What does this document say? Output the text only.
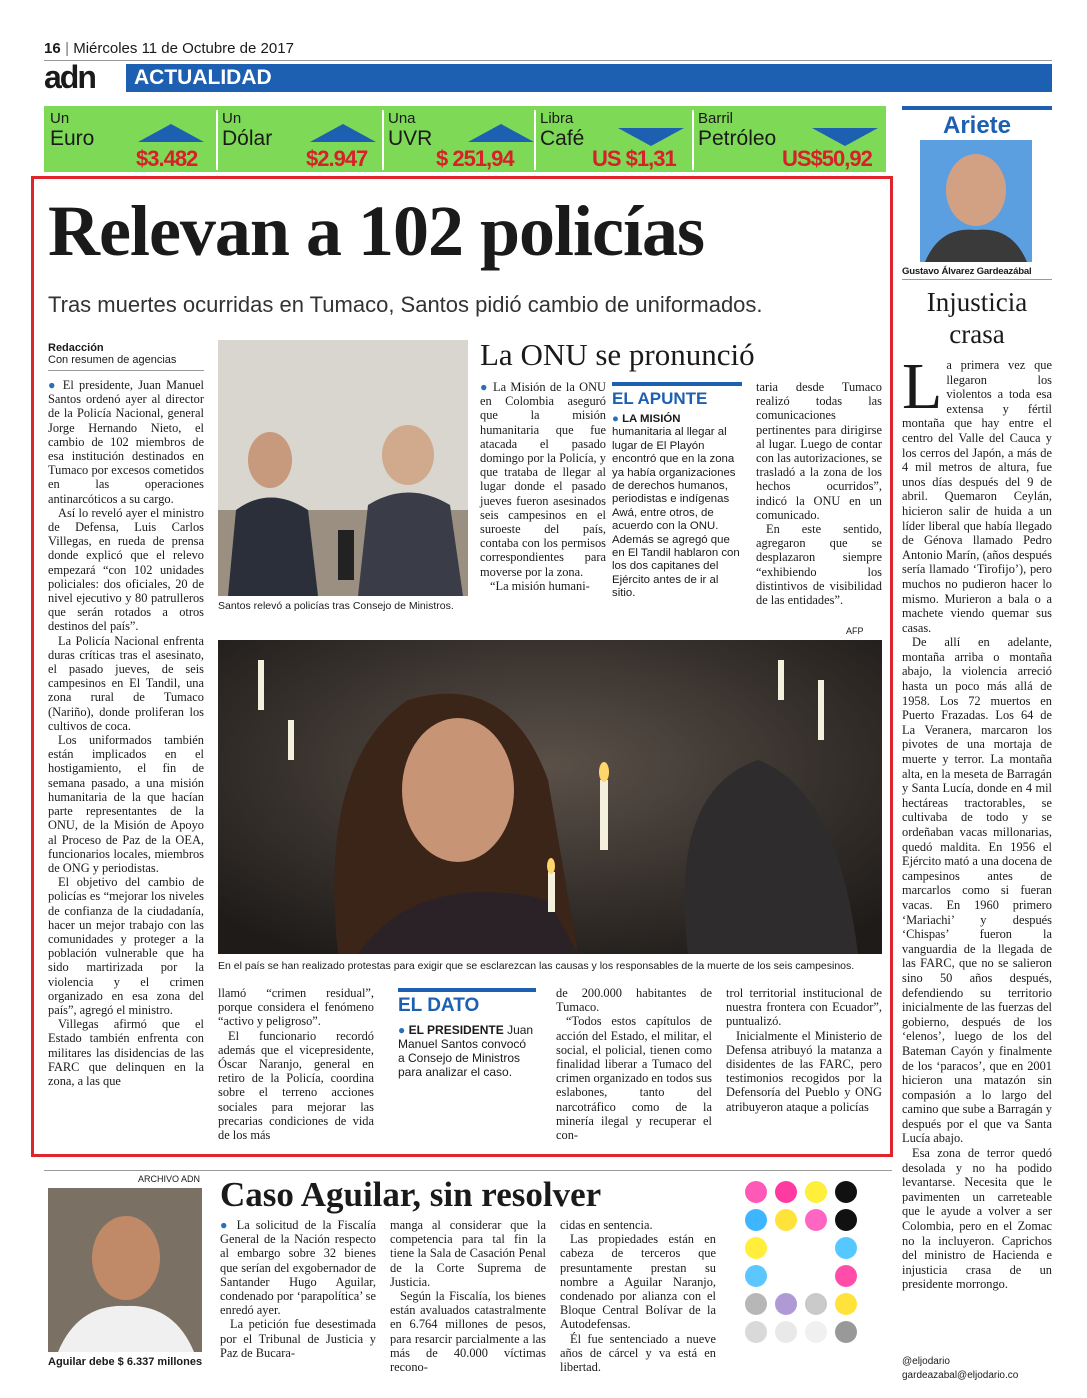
16 | Miércoles 11 de Octubre de 2017
adn	ACTUALIDAD
Un
Euro
$3.482
Un
Dólar
$2.947
Una
UVR
$ 251,94
Libra
Café
US $1,31
Barril
Petróleo
US$50,92
Relevan a 102 policías
Tras muertes ocurridas en Tumaco, Santos pidió cambio de uniformados.
Redacción
Con resumen de agencias

● El presidente, Juan Manuel Santos ordenó ayer al director de la Policía Nacional, general Jorge Hernando Nieto, el cambio de 102 miembros de esa institución destinados en Tumaco por excesos cometidos en las operaciones antinarcóticos a su cargo.

Así lo reveló ayer el ministro de Defensa, Luis Carlos Villegas, en rueda de prensa donde explicó que el relevo empezará “con 102 unidades policiales: dos oficiales, 20 de nivel ejecutivo y 80 patrulleros que serán rotados a otros destinos del país”.

La Policía Nacional enfrenta duras críticas tras el asesinato, el pasado jueves, de seis campesinos en El Tandil, una zona rural de Tumaco (Nariño), donde proliferan los cultivos de coca.

Los uniformados también están implicados en el hostigamiento, el fin de semana pasado, a una misión humanitaria de la que hacían parte representantes de la ONU, de la Misión de Apoyo al Proceso de Paz de la OEA, funcionarios locales, miembros de ONG y periodistas.

El objetivo del cambio de policías es “mejorar los niveles de confianza de la ciudadanía, hacer un mejor trabajo con las comunidades y proteger a la población vulnerable que ha sido martirizada por la violencia y el crimen organizado en esa zona del país”, agregó el ministro.

Villegas afirmó que el Estado también enfrenta con militares las disidencias de las FARC que delinquen en la zona, a las que

Santos relevó a policías tras Consejo de Ministros.
La ONU se pronunció

● La Misión de la ONU en Colombia aseguró que la misión humanitaria que fue atacada el pasado domingo por la Policía, y que trataba de llegar al lugar donde el pasado jueves fueron asesinados seis campesinos en el suroeste del país, contaba con los permisos correspondientes para moverse por la zona.

“La misión humani-

EL APUNTE
● LA MISIÓN humanitaria al llegar al lugar de El Playón encontró que en la zona ya había organizaciones de derechos humanos, periodistas e indígenas Awá, entre otros, de acuerdo con la ONU. Además se agregó que en El Tandil hablaron con los dos capitanes del Ejército antes de ir al sitio.

taria desde Tumaco realizó todas las comunicaciones pertinentes para dirigirse al lugar. Luego de contar con las autorizaciones, se trasladó a la zona de los hechos ocurridos”, indicó la ONU en un comunicado.

En este sentido, agregaron que se desplazaron siempre “exhibiendo los distintivos de visibilidad de las entidades”.

AFP
En el país se han realizado protestas para exigir que se esclarezcan las causas y los responsables de la muerte de los seis campesinos.

llamó “crimen residual”, porque considera el fenómeno “activo y peligroso”.

El funcionario recordó además que el vicepresidente, Óscar Naranjo, general en retiro de la Policía, coordina sobre el terreno acciones sociales para mejorar las precarias condiciones de vida de los más

EL DATO
● EL PRESIDENTE Juan Manuel Santos convocó a Consejo de Ministros para analizar el caso.

de 200.000 habitantes de Tumaco.

“Todos estos capítulos de acción del Estado, el militar, el social, el policial, tienen como finalidad liberar a Tumaco del crimen organizado en todos sus eslabones, tanto del narcotráfico como de la minería ilegal y recuperar el con-

trol territorial institucional de nuestra frontera con Ecuador”, puntualizó.

Inicialmente el Ministerio de Defensa atribuyó la matanza a disidentes de las FARC, pero testimonios recogidos por la Defensoría del Pueblo y ONG atribuyeron ataque a policías

Ariete
Gustavo Álvarez Gardeazábal
Injusticia crasa
L a primera vez que llegaron los violentos a toda esa extensa y fértil montaña que hay entre el centro del Valle del Cauca y los cerros del Japón, a más de 4 mil metros de altura, fue unos días después del 9 de abril. Quemaron Ceylán, hicieron salir de huida a un líder liberal que había llegado de Génova llamado Pedro Antonio Marín, (años después sería llamado ‘Tirofijo’), pero muchos no pudieron hacer lo mismo. Murieron a bala o a machete viendo quemar sus casas.
De allí en adelante, montaña arriba o montaña abajo, la violencia arreció hasta un poco más allá de 1958. Los 72 muertos en Puerto Frazadas. Los 64 de La Veranera, marcaron los pivotes de una mortaja de muerte y terror. La montaña alta, en la meseta de Barragán y Santa Lucía, donde en 4 mil hectáreas tractorables, se cultivaba de todo y se ordeñaban vacas millonarias, quedó maldita. En 1956 el Ejército mató a una docena de campesinos antes de marcarlos como si fueran vacas. En 1960 primero ‘Mariachi’ y después ‘Chispas’ fueron la vanguardia de la llegada de las FARC, que no se salieron sino 50 años después, defendiendo su territorio inicialmente de las fuerzas del gobierno, después de los ‘elenos’, luego de los del Bateman Cayón y finalmente de los ‘paracos’, que en 2001 hicieron una matazón sin compasión a lo largo del camino que sube a Barragán y después por el que va Santa Lucía abajo.
Esa zona de terror quedó desolada y no ha podido levantarse. Necesita que le pavimenten un carreteable que le ayude a volver a ser Colombia, pero en el Zomac no la incluyeron. Caprichos del ministro de Hacienda e injusticia crasa de un presidente morrongo.
@eljodario
gardeazabal@eljodario.co
ARCHIVO ADN
Aguilar debe $ 6.337 millones
Caso Aguilar, sin resolver

● La solicitud de la Fiscalía General de la Nación respecto al embargo sobre 32 bienes que serían del exgobernador de Santander Hugo Aguilar, condenado por ‘parapolítica’ se enredó ayer.

La petición fue desestimada por el Tribunal de Justicia y Paz de Bucara-

manga al considerar que la competencia para tal fin la tiene la Sala de Casación Penal de la Corte Suprema de Justicia.

Según la Fiscalía, los bienes están avaluados catastralmente en 6.764 millones de pesos, para resarcir parcialmente a las más de 40.000 víctimas recono-

cidas en sentencia.

Las propiedades están en cabeza de terceros que presuntamente prestan su nombre a Aguilar Naranjo, condenado por alianza con el Bloque Central Bolívar de la Autodefensas.

Él fue sentenciado a nueve años de cárcel y va está en libertad.
